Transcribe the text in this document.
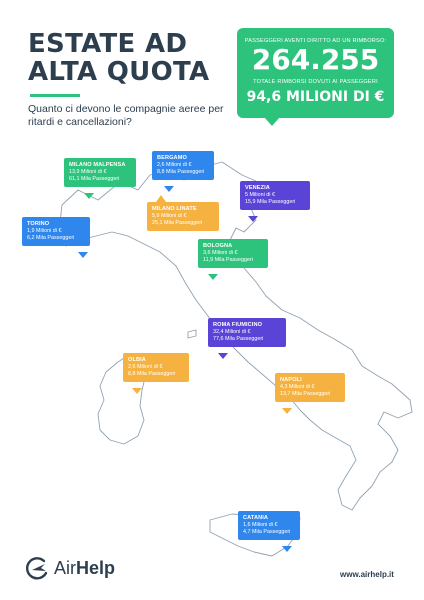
ESTATE AD
ALTA QUOTA
Quanto ci devono le compagnie aeree per ritardi e cancellazioni?
PASSEGGERI AVENTI DIRITTO AD UN RIMBORSO:
264.255
TOTALE RIMBORSI DOVUTI AI PASSEGGERI
94,6 MILIONI DI €
MILANO MALPENSA
13,9 Milioni di €
61,1 Mila Passeggeri
BERGAMO
2,6 Milioni di €
8,8 Mila Passeggeri
VENEZIA
5 Milioni di €
15,9 Mila Passeggeri
TORINO
1,9 Milioni di €
6,2 Mila Passeggeri
MILANO LINATE
5,9 Milioni di €
25,1 Mila Passeggeri
BOLOGNA
3,6 Milioni di €
11,9 Mila Passeggeri
ROMA FIUMICINO
32,4 Milioni di €
77,6 Mila Passeggeri
OLBIA
2,6 Milioni di €
8,8 Mila Passeggeri
NAPOLI
4,3 Milioni di €
13,7 Mila Passeggeri
CATANIA
1,6 Milioni di €
4,7 Mila Passeggeri
AirHelp	www.airhelp.it
